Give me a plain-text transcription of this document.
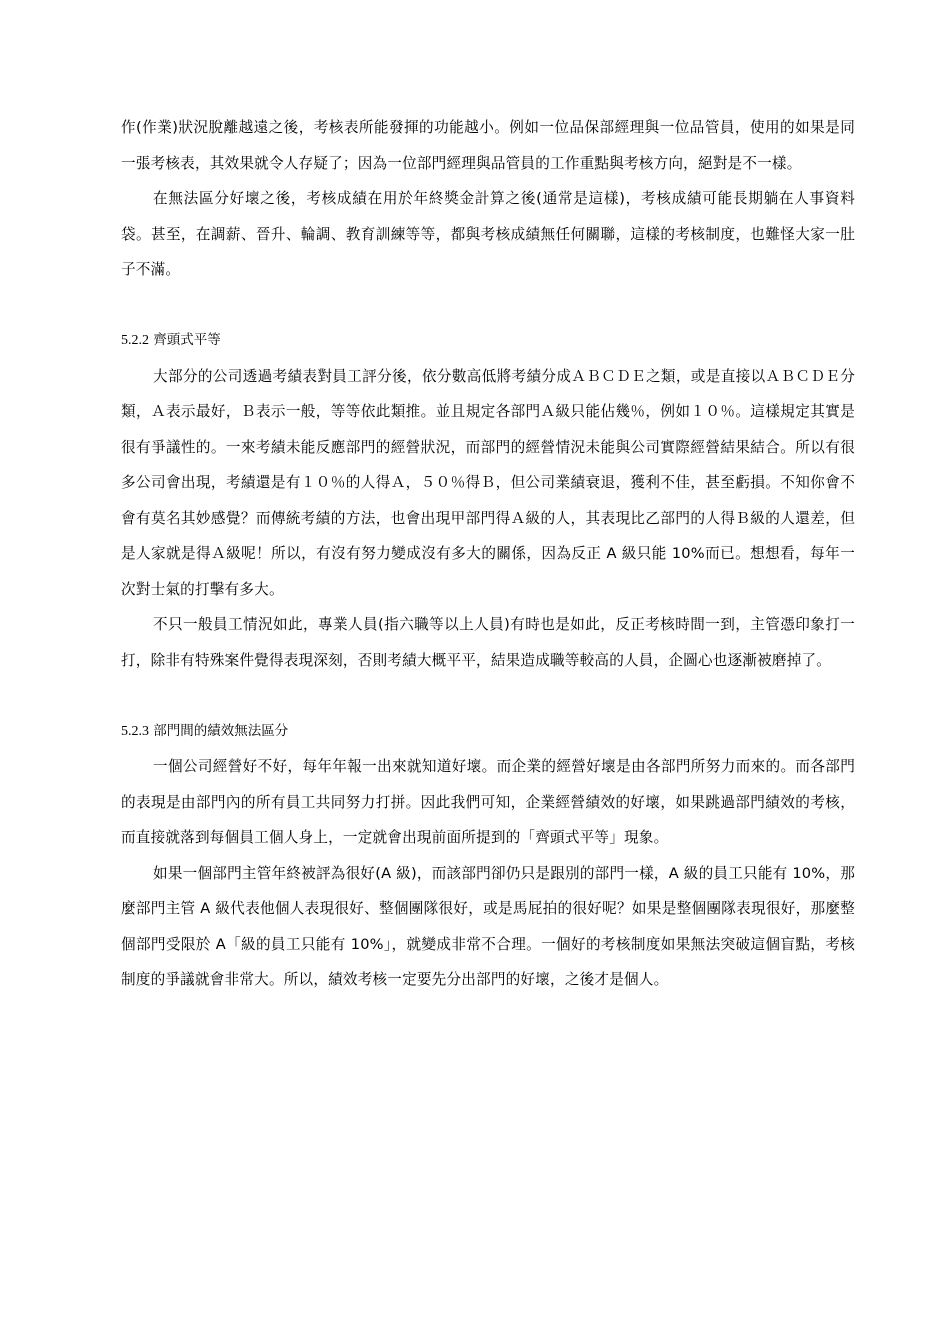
作(作業)狀況脫離越遠之後，考核表所能發揮的功能越小。例如一位品保部經理與一位品管員，使用的如果是同一張考核表，其效果就令人存疑了；因為一位部門經理與品管員的工作重點與考核方向，絕對是不一樣。

在無法區分好壞之後，考核成績在用於年終獎金計算之後(通常是這樣)，考核成績可能長期躺在人事資料袋。甚至，在調薪、晉升、輪調、教育訓練等等，都與考核成績無任何關聯，這樣的考核制度，也難怪大家一肚子不滿。

5.2.2 齊頭式平等

大部分的公司透過考績表對員工評分後，依分數高低將考績分成ＡＢＣＤＥ之類，或是直接以ＡＢＣＤＥ分類，Ａ表示最好，Ｂ表示一般，等等依此類推。並且規定各部門Ａ級只能佔幾％，例如１０％。這樣規定其實是很有爭議性的。一來考績未能反應部門的經營狀況，而部門的經營情況未能與公司實際經營結果結合。所以有很多公司會出現，考績還是有１０％的人得Ａ，５０％得Ｂ，但公司業績衰退，獲利不佳，甚至虧損。不知你會不會有莫名其妙感覺？而傳統考績的方法，也會出現甲部門得Ａ級的人，其表現比乙部門的人得Ｂ級的人還差，但是人家就是得Ａ級呢！所以，有沒有努力變成沒有多大的關係，因為反正 A 級只能 10%而已。想想看，每年一次對士氣的打擊有多大。

不只一般員工情況如此，專業人員(指六職等以上人員)有時也是如此，反正考核時間一到，主管憑印象打一打，除非有特殊案件覺得表現深刻，否則考績大概平平，結果造成職等較高的人員，企圖心也逐漸被磨掉了。

5.2.3 部門間的績效無法區分

一個公司經營好不好，每年年報一出來就知道好壞。而企業的經營好壞是由各部門所努力而來的。而各部門的表現是由部門內的所有員工共同努力打拼。因此我們可知，企業經營績效的好壞，如果跳過部門績效的考核，而直接就落到每個員工個人身上，一定就會出現前面所提到的「齊頭式平等」現象。

如果一個部門主管年終被評為很好(A 級)，而該部門卻仍只是跟別的部門一樣，A 級的員工只能有 10%，那麼部門主管 A 級代表他個人表現很好、整個團隊很好，或是馬屁拍的很好呢？如果是整個團隊表現很好，那麼整個部門受限於 A「級的員工只能有 10%」，就變成非常不合理。一個好的考核制度如果無法突破這個盲點，考核制度的爭議就會非常大。所以，績效考核一定要先分出部門的好壞，之後才是個人。
